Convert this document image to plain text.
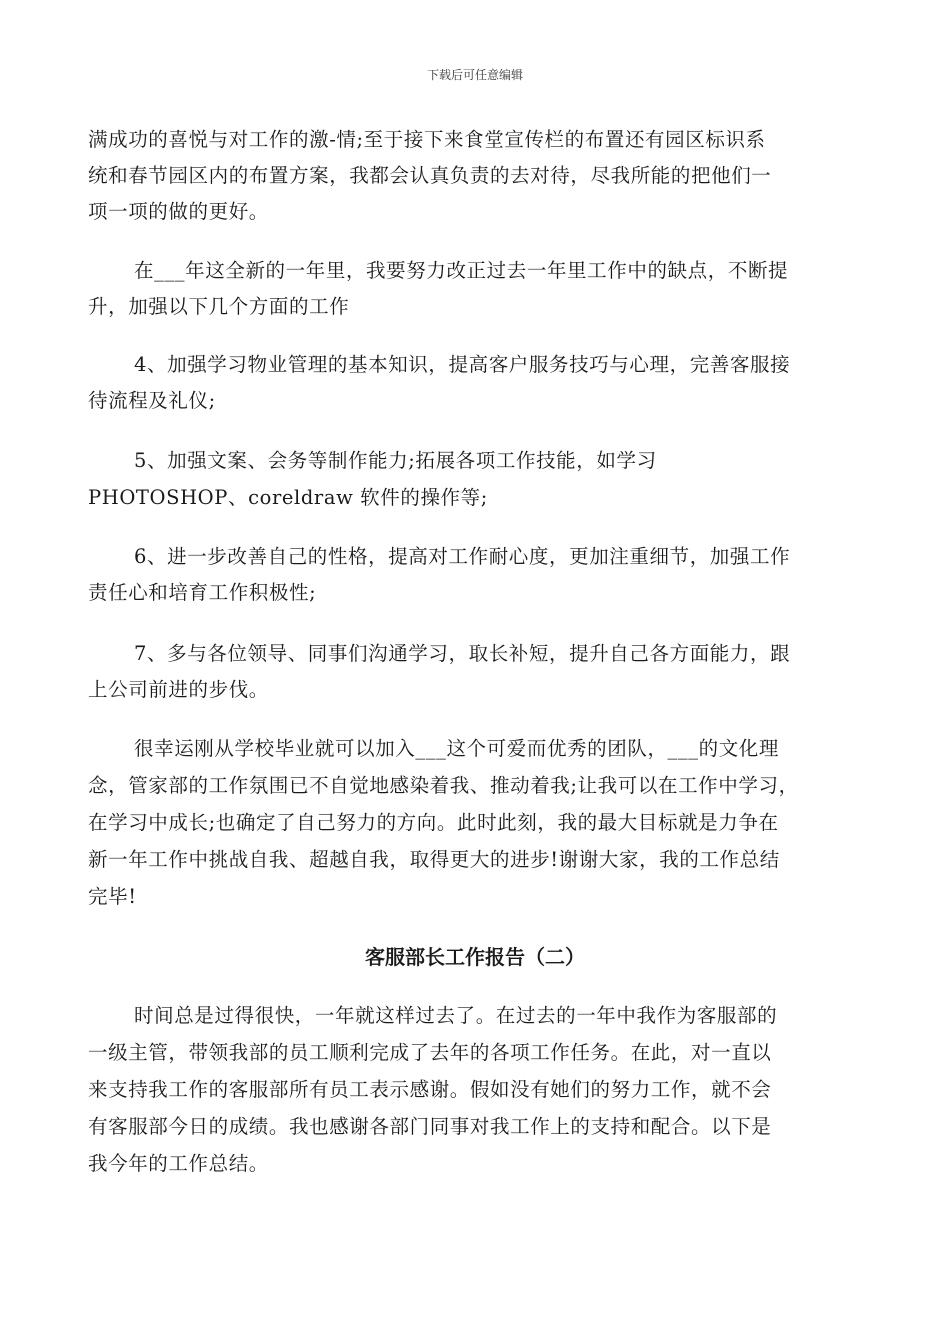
下载后可任意编辑
满成功的喜悦与对工作的激-情;至于接下来食堂宣传栏的布置还有园区标识系
统和春节园区内的布置方案，我都会认真负责的去对待，尽我所能的把他们一
项一项的做的更好。
在___年这全新的一年里，我要努力改正过去一年里工作中的缺点，不断提
升，加强以下几个方面的工作
4、加强学习物业管理的基本知识，提高客户服务技巧与心理，完善客服接
待流程及礼仪;
5、加强文案、会务等制作能力;拓展各项工作技能，如学习
PHOTOSHOP、coreldraw 软件的操作等;
6、进一步改善自己的性格，提高对工作耐心度，更加注重细节，加强工作
责任心和培育工作积极性;
7、多与各位领导、同事们沟通学习，取长补短，提升自己各方面能力，跟
上公司前进的步伐。
很幸运刚从学校毕业就可以加入___这个可爱而优秀的团队，___的文化理
念，管家部的工作氛围已不自觉地感染着我、推动着我;让我可以在工作中学习，
在学习中成长;也确定了自己努力的方向。此时此刻，我的最大目标就是力争在
新一年工作中挑战自我、超越自我，取得更大的进步!谢谢大家，我的工作总结
完毕!
客服部长工作报告（二）
时间总是过得很快，一年就这样过去了。在过去的一年中我作为客服部的
一级主管，带领我部的员工顺利完成了去年的各项工作任务。在此，对一直以
来支持我工作的客服部所有员工表示感谢。假如没有她们的努力工作，就不会
有客服部今日的成绩。我也感谢各部门同事对我工作上的支持和配合。以下是
我今年的工作总结。
